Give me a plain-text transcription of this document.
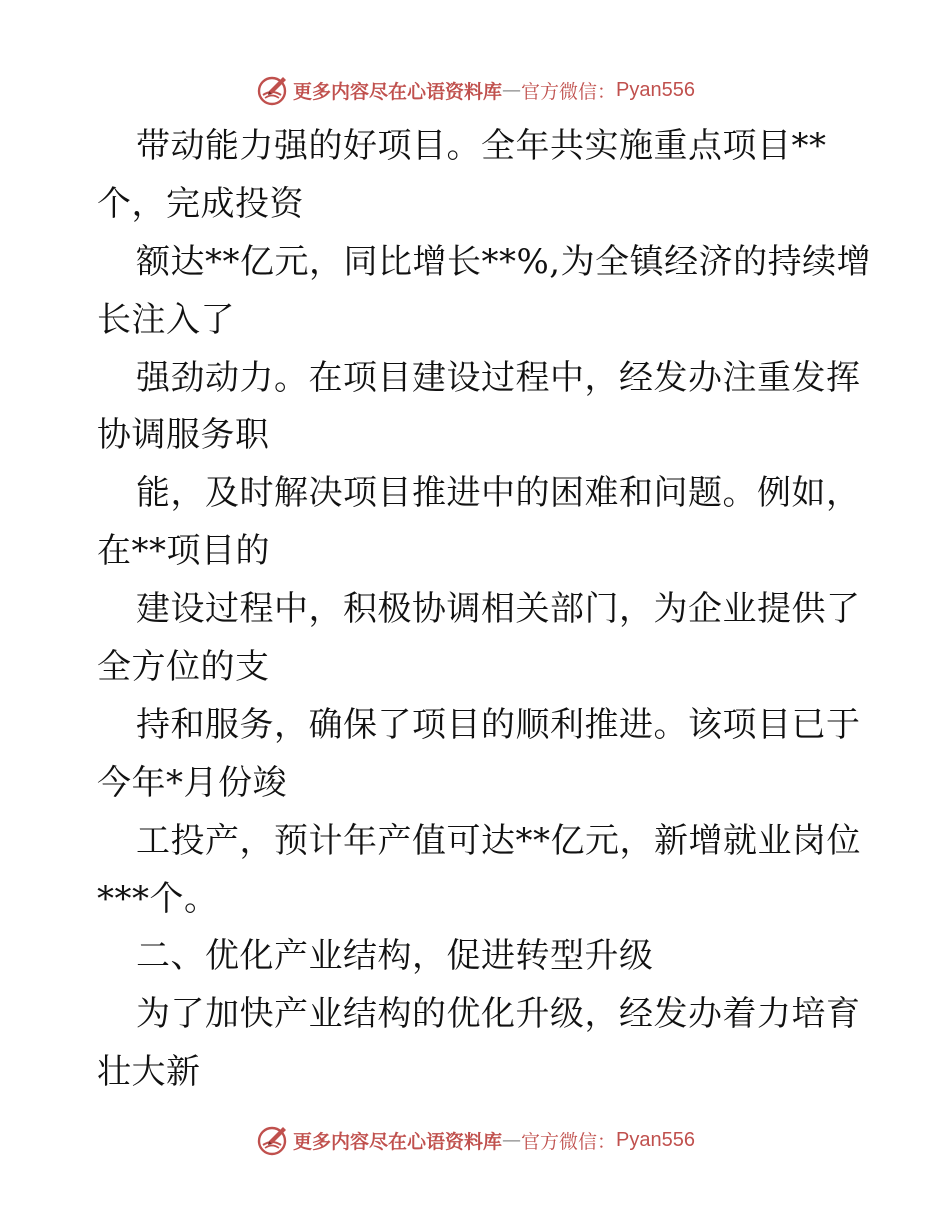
更多内容尽在心语资料库 — 官方微信： Pyan556
带动能力强的好项目。全年共实施重点项目**
个，完成投资
额达**亿元，同比增长**%,为全镇经济的持续增
长注入了
强劲动力。在项目建设过程中，经发办注重发挥
协调服务职
能，及时解决项目推进中的困难和问题。例如，
在**项目的
建设过程中，积极协调相关部门，为企业提供了
全方位的支
持和服务，确保了项目的顺利推进。该项目已于
今年*月份竣
工投产，预计年产值可达**亿元，新增就业岗位
***个。
二、优化产业结构，促进转型升级
为了加快产业结构的优化升级，经发办着力培育
壮大新
更多内容尽在心语资料库 — 官方微信： Pyan556
